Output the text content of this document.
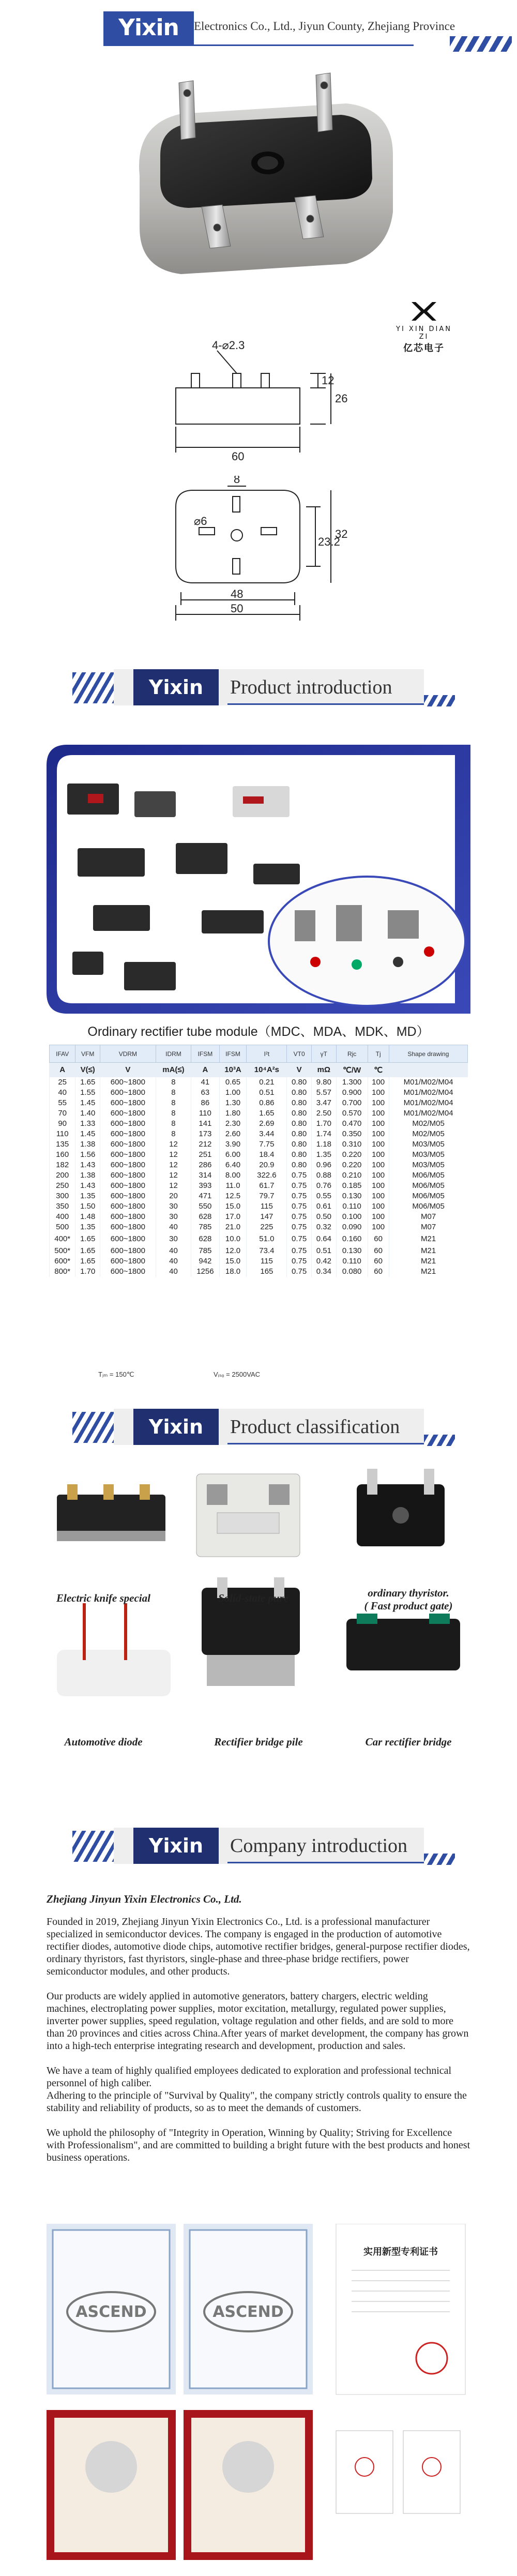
Yixin	Electronics Co., Ltd., Jiyun County, Zhejiang Province
YI XIN DIAN ZI
亿芯电子
4-⌀2.3
12
26
60
8
⌀6
23.2
32
48
50
Yixin	Product introduction
Ordinary rectifier tube module（MDC、MDA、MDK、MD）
IFAV	VFM	VDRM	IDRM	IFSM	IFSM	I²t	VT0	γT	Rjc	Tj	Shape drawing
A	V(≤)	V	mA(≤)	A	10³A	10⁴A²s	V	mΩ	℃/W	℃	
25	1.65	600~1800	8	41	0.65	0.21	0.80	9.80	1.300	100	M01/M02/M04
40	1.55	600~1800	8	63	1.00	0.51	0.80	5.57	0.900	100	M01/M02/M04
55	1.45	600~1800	8	86	1.30	0.86	0.80	3.47	0.700	100	M01/M02/M04
70	1.40	600~1800	8	110	1.80	1.65	0.80	2.50	0.570	100	M01/M02/M04
90	1.33	600~1800	8	141	2.30	2.69	0.80	1.70	0.470	100	M02/M05
110	1.45	600~1800	8	173	2.60	3.44	0.80	1.74	0.350	100	M02/M05
135	1.38	600~1800	12	212	3.90	7.75	0.80	1.18	0.310	100	M03/M05
160	1.56	600~1800	12	251	6.00	18.4	0.80	1.35	0.220	100	M03/M05
182	1.43	600~1800	12	286	6.40	20.9	0.80	0.96	0.220	100	M03/M05
200	1.38	600~1800	12	314	8.00	322.6	0.75	0.88	0.210	100	M06/M05
250	1.43	600~1800	12	393	11.0	61.7	0.75	0.76	0.185	100	M06/M05
300	1.35	600~1800	20	471	12.5	79.7	0.75	0.55	0.130	100	M06/M05
350	1.50	600~1800	30	550	15.0	115	0.75	0.61	0.110	100	M06/M05
400	1.48	600~1800	30	628	17.0	147	0.75	0.50	0.100	100	M07
500	1.35	600~1800	40	785	21.0	225	0.75	0.32	0.090	100	M07
400*	1.65	600~1800	30	628	10.0	51.0	0.75	0.64	0.160	60	M21
500*	1.65	600~1800	40	785	12.0	73.4	0.75	0.51	0.130	60	M21
600*	1.65	600~1800	40	942	15.0	115	0.75	0.42	0.110	60	M21
800*	1.70	600~1800	40	1256	18.0	165	0.75	0.34	0.080	60	M21
Tⱼₘ = 150℃	Vᵢₛₒ = 2500VAC
Yixin	Product classification
Electric knife special	Solid-state pure	ordinary thyristor.
( Fast product gate)
Automotive diode	Rectifier bridge pile	Car rectifier bridge
Yixin	Company introduction
Zhejiang Jinyun Yixin Electronics Co., Ltd.

Founded in 2019, Zhejiang Jinyun Yixin Electronics Co., Ltd. is a professional manufacturer specialized in semiconductor devices. The company is engaged in the production of automotive rectifier diodes, automotive diode chips, automotive rectifier bridges, general-purpose rectifier diodes, ordinary thyristors, fast thyristors, single-phase and three-phase bridge rectifiers, power semiconductor modules, and other products.

Our products are widely applied in automotive generators, battery chargers, electric welding machines, electroplating power supplies, motor excitation, metallurgy, regulated power supplies, inverter power supplies, speed regulation, voltage regulation and other fields, and are sold to more than 20 provinces and cities across China.After years of market development, the company has grown into a high-tech enterprise integrating research and development, production and sales.

We have a team of highly qualified employees dedicated to exploration and professional technical personnel of high caliber.
Adhering to the principle of "Survival by Quality", the company strictly controls quality to ensure the stability and reliability of products, so as to meet the demands of customers.

We uphold the philosophy of "Integrity in Operation, Winning by Quality; Striving for Excellence with Professionalism", and are committed to building a bright future with the best products and honest business operations.

ASCEND	ASCEND
实用新型专利证书
